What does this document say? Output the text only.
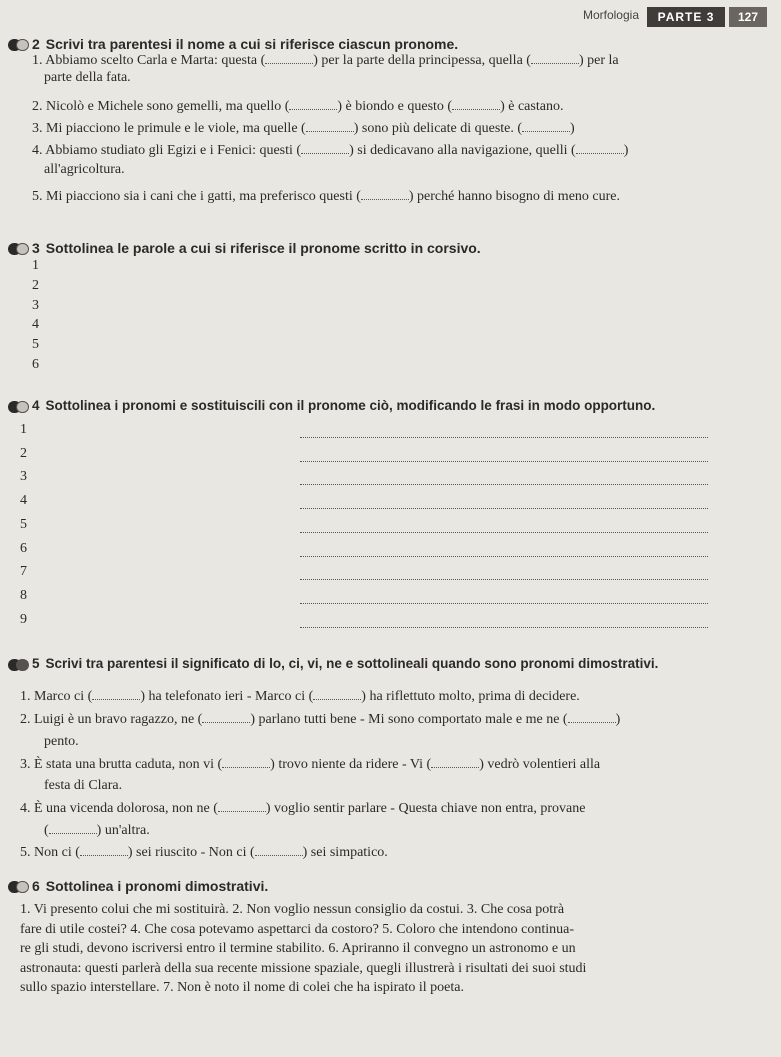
Morfologia	PARTE 3	127
2 Scrivi tra parentesi il nome a cui si riferisce ciascun pronome.
1. Abbiamo scelto Carla e Marta: questa (	) per la parte della principessa, quella (	) per la
parte della fata.
2. Nicolò e Michele sono gemelli, ma quello (	) è biondo e questo (	) è castano.
3. Mi piacciono le primule e le viole, ma quelle (	) sono più delicate di queste. (	)
4. Abbiamo studiato gli Egizi e i Fenici: questi (	) si dedicavano alla navigazione, quelli (	)
all'agricoltura.
5. Mi piacciono sia i cani che i gatti, ma preferisco questi (	) perché hanno bisogno di meno cure.
3 Sottolinea le parole a cui si riferisce il pronome scritto in corsivo.
1
2
3
4
5
6
4 Sottolinea i pronomi e sostituiscili con il pronome ciò, modificando le frasi in modo opportuno.
1
2
3
4
5
6
7
8
9
5 Scrivi tra parentesi il significato di lo, ci, vi, ne e sottolineali quando sono pronomi dimostrativi.
1. Marco ci (	) ha telefonato ieri - Marco ci (	) ha riflettuto molto, prima di decidere.
2. Luigi è un bravo ragazzo, ne (	) parlano tutti bene - Mi sono comportato male e me ne (	)
pento.
3. È stata una brutta caduta, non vi (	) trovo niente da ridere - Vi (	) vedrò volentieri alla
festa di Clara.
4. È una vicenda dolorosa, non ne (	) voglio sentir parlare - Questa chiave non entra, provane
(	) un'altra.
5. Non ci (	) sei riuscito - Non ci (	) sei simpatico.
6 Sottolinea i pronomi dimostrativi.
1. Vi presento colui che mi sostituirà. 2. Non voglio nessun consiglio da costui. 3. Che cosa potrà
fare di utile costei? 4. Che cosa potevamo aspettarci da costoro? 5. Coloro che intendono continua-
re gli studi, devono iscriversi entro il termine stabilito. 6. Apriranno il convegno un astronomo e un
astronauta: questi parlerà della sua recente missione spaziale, quegli illustrerà i risultati dei suoi studi
sullo spazio interstellare. 7. Non è noto il nome di colei che ha ispirato il poeta.
